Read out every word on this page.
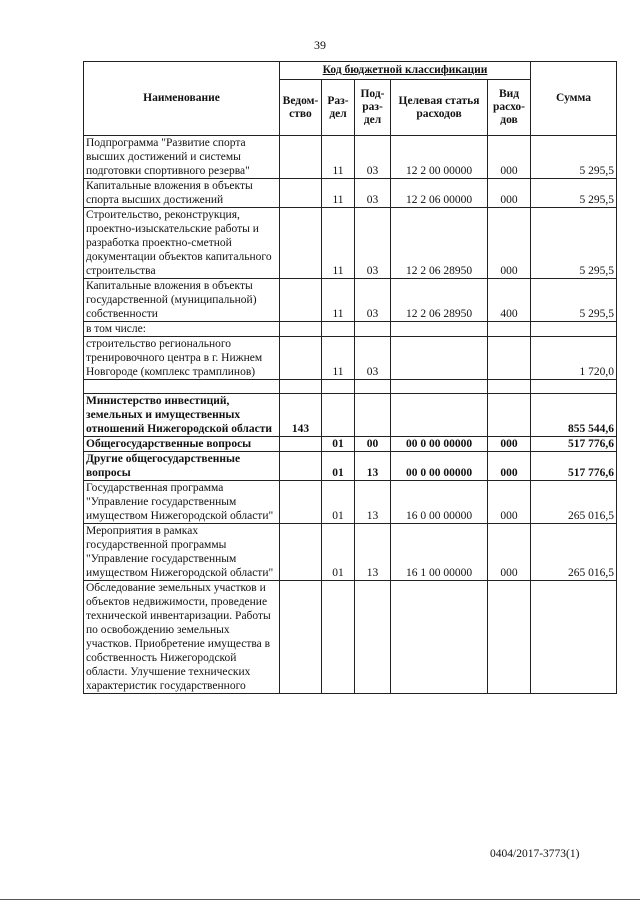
39
Наименование	Код бюджетной классификации					Сумма
	Ведом-ство	Раз-дел	Под-раз-дел	Целевая статья расходов	Вид расхо-дов	
Подпрограмма "Развитие спорта высших достижений и системы подготовки спортивного резерва"		11	03	12 2 00 00000	000	5 295,5
Капитальные вложения в объекты спорта высших достижений		11	03	12 2 06 00000	000	5 295,5
Строительство, реконструкция, проектно-изыскательские работы и разработка проектно-сметной документации объектов капитального строительства		11	03	12 2 06 28950	000	5 295,5
Капитальные вложения в объекты государственной (муниципальной) собственности		11	03	12 2 06 28950	400	5 295,5
в том числе:						
строительство регионального тренировочного центра в г. Нижнем Новгороде (комплекс трамплинов)		11	03			1 720,0

Министерство инвестиций, земельных и имущественных отношений Нижегородской области	143					855 544,6
Общегосударственные вопросы		01	00	00 0 00 00000	000	517 776,6
Другие общегосударственные вопросы		01	13	00 0 00 00000	000	517 776,6
Государственная программа "Управление государственным имуществом Нижегородской области"		01	13	16 0 00 00000	000	265 016,5
Мероприятия в рамках государственной программы "Управление государственным имуществом Нижегородской области"		01	13	16 1 00 00000	000	265 016,5
Обследование земельных участков и объектов недвижимости, проведение технической инвентаризации. Работы по освобождению земельных участков. Приобретение имущества в собственность Нижегородской области. Улучшение технических характеристик государственного						
0404/2017-3773(1)
